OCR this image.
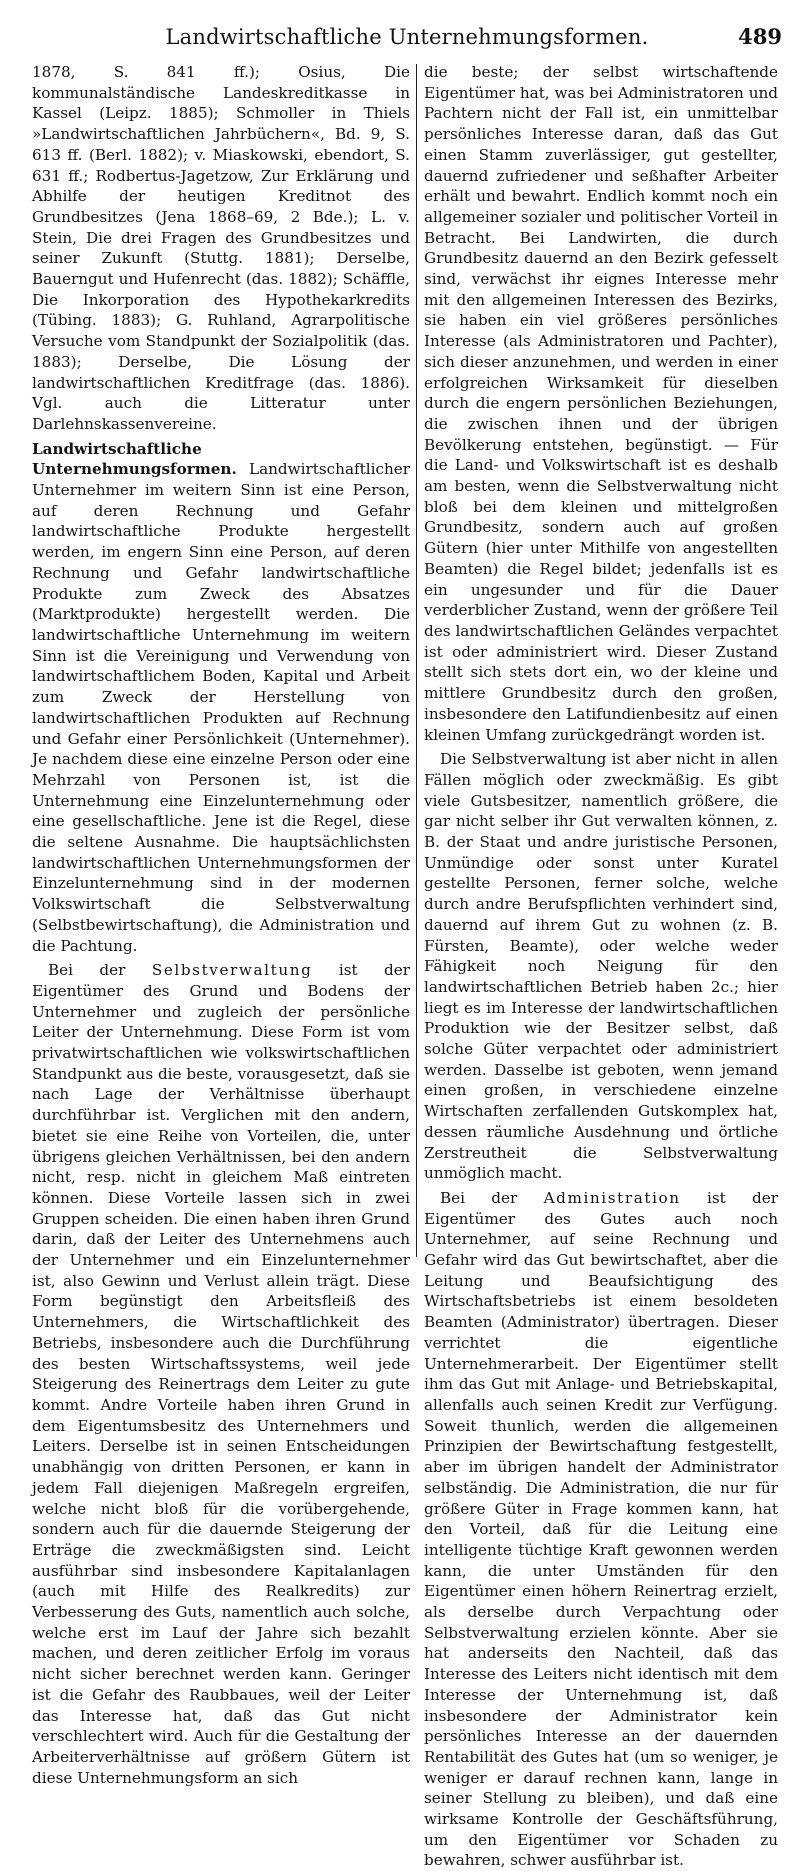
Landwirtschaftliche Unternehmungsformen.	489

1878, S. 841 ff.); Osius, Die kommunalständische Landeskreditkasse in Kassel (Leipz. 1885); Schmoller in Thiels »Landwirtschaftlichen Jahrbüchern«, Bd. 9, S. 613 ff. (Berl. 1882); v. Miaskowski, ebendort, S. 631 ff.; Rodbertus-Jagetzow, Zur Erklärung und Abhilfe der heutigen Kreditnot des Grundbesitzes (Jena 1868–69, 2 Bde.); L. v. Stein, Die drei Fragen des Grundbesitzes und seiner Zukunft (Stuttg. 1881); Derselbe, Bauerngut und Hufenrecht (das. 1882); Schäffle, Die Inkorporation des Hypothekarkredits (Tübing. 1883); G. Ruhland, Agrarpolitische Versuche vom Standpunkt der Sozialpolitik (das. 1883); Derselbe, Die Lösung der landwirtschaftlichen Kreditfrage (das. 1886). Vgl. auch die Litteratur unter Darlehnskassenvereine.

Landwirtschaftliche Unternehmungsformen. Landwirtschaftlicher Unternehmer im weitern Sinn ist eine Person, auf deren Rechnung und Gefahr landwirtschaftliche Produkte hergestellt werden, im engern Sinn eine Person, auf deren Rechnung und Gefahr landwirtschaftliche Produkte zum Zweck des Absatzes (Marktprodukte) hergestellt werden. Die landwirtschaftliche Unternehmung im weitern Sinn ist die Vereinigung und Verwendung von landwirtschaftlichem Boden, Kapital und Arbeit zum Zweck der Herstellung von landwirtschaftlichen Produkten auf Rechnung und Gefahr einer Persönlichkeit (Unternehmer). Je nachdem diese eine einzelne Person oder eine Mehrzahl von Personen ist, ist die Unternehmung eine Einzelunternehmung oder eine gesellschaftliche. Jene ist die Regel, diese die seltene Ausnahme. Die hauptsächlichsten landwirtschaftlichen Unternehmungsformen der Einzelunternehmung sind in der modernen Volkswirtschaft die Selbstverwaltung (Selbstbewirtschaftung), die Administration und die Pachtung.

Bei der Selbstverwaltung ist der Eigentümer des Grund und Bodens der Unternehmer und zugleich der persönliche Leiter der Unternehmung. Diese Form ist vom privatwirtschaftlichen wie volkswirtschaftlichen Standpunkt aus die beste, vorausgesetzt, daß sie nach Lage der Verhältnisse überhaupt durchführbar ist. Verglichen mit den andern, bietet sie eine Reihe von Vorteilen, die, unter übrigens gleichen Verhältnissen, bei den andern nicht, resp. nicht in gleichem Maß eintreten können. Diese Vorteile lassen sich in zwei Gruppen scheiden. Die einen haben ihren Grund darin, daß der Leiter des Unternehmens auch der Unternehmer und ein Einzelunternehmer ist, also Gewinn und Verlust allein trägt. Diese Form begünstigt den Arbeitsfleiß des Unternehmers, die Wirtschaftlichkeit des Betriebs, insbesondere auch die Durchführung des besten Wirtschaftssystems, weil jede Steigerung des Reinertrags dem Leiter zu gute kommt. Andre Vorteile haben ihren Grund in dem Eigentumsbesitz des Unternehmers und Leiters. Derselbe ist in seinen Entscheidungen unabhängig von dritten Personen, er kann in jedem Fall diejenigen Maßregeln ergreifen, welche nicht bloß für die vorübergehende, sondern auch für die dauernde Steigerung der Erträge die zweckmäßigsten sind. Leicht ausführbar sind insbesondere Kapitalanlagen (auch mit Hilfe des Realkredits) zur Verbesserung des Guts, namentlich auch solche, welche erst im Lauf der Jahre sich bezahlt machen, und deren zeitlicher Erfolg im voraus nicht sicher berechnet werden kann. Geringer ist die Gefahr des Raubbaues, weil der Leiter das Interesse hat, daß das Gut nicht verschlechtert wird. Auch für die Gestaltung der Arbeiterverhältnisse auf größern Gütern ist diese Unternehmungsform an sich

die beste; der selbst wirtschaftende Eigentümer hat, was bei Administratoren und Pachtern nicht der Fall ist, ein unmittelbar persönliches Interesse daran, daß das Gut einen Stamm zuverlässiger, gut gestellter, dauernd zufriedener und seßhafter Arbeiter erhält und bewahrt. Endlich kommt noch ein allgemeiner sozialer und politischer Vorteil in Betracht. Bei Landwirten, die durch Grundbesitz dauernd an den Bezirk gefesselt sind, verwächst ihr eignes Interesse mehr mit den allgemeinen Interessen des Bezirks, sie haben ein viel größeres persönliches Interesse (als Administratoren und Pachter), sich dieser anzunehmen, und werden in einer erfolgreichen Wirksamkeit für dieselben durch die engern persönlichen Beziehungen, die zwischen ihnen und der übrigen Bevölkerung entstehen, begünstigt. — Für die Land- und Volkswirtschaft ist es deshalb am besten, wenn die Selbstverwaltung nicht bloß bei dem kleinen und mittelgroßen Grundbesitz, sondern auch auf großen Gütern (hier unter Mithilfe von angestellten Beamten) die Regel bildet; jedenfalls ist es ein ungesunder und für die Dauer verderblicher Zustand, wenn der größere Teil des landwirtschaftlichen Geländes verpachtet ist oder administriert wird. Dieser Zustand stellt sich stets dort ein, wo der kleine und mittlere Grundbesitz durch den großen, insbesondere den Latifundienbesitz auf einen kleinen Umfang zurückgedrängt worden ist.

Die Selbstverwaltung ist aber nicht in allen Fällen möglich oder zweckmäßig. Es gibt viele Gutsbesitzer, namentlich größere, die gar nicht selber ihr Gut verwalten können, z. B. der Staat und andre juristische Personen, Unmündige oder sonst unter Kuratel gestellte Personen, ferner solche, welche durch andre Berufspflichten verhindert sind, dauernd auf ihrem Gut zu wohnen (z. B. Fürsten, Beamte), oder welche weder Fähigkeit noch Neigung für den landwirtschaftlichen Betrieb haben 2c.; hier liegt es im Interesse der landwirtschaftlichen Produktion wie der Besitzer selbst, daß solche Güter verpachtet oder administriert werden. Dasselbe ist geboten, wenn jemand einen großen, in verschiedene einzelne Wirtschaften zerfallenden Gutskomplex hat, dessen räumliche Ausdehnung und örtliche Zerstreutheit die Selbstverwaltung unmöglich macht.

Bei der Administration ist der Eigentümer des Gutes auch noch Unternehmer, auf seine Rechnung und Gefahr wird das Gut bewirtschaftet, aber die Leitung und Beaufsichtigung des Wirtschaftsbetriebs ist einem besoldeten Beamten (Administrator) übertragen. Dieser verrichtet die eigentliche Unternehmerarbeit. Der Eigentümer stellt ihm das Gut mit Anlage- und Betriebskapital, allenfalls auch seinen Kredit zur Verfügung. Soweit thunlich, werden die allgemeinen Prinzipien der Bewirtschaftung festgestellt, aber im übrigen handelt der Administrator selbständig. Die Administration, die nur für größere Güter in Frage kommen kann, hat den Vorteil, daß für die Leitung eine intelligente tüchtige Kraft gewonnen werden kann, die unter Umständen für den Eigentümer einen höhern Reinertrag erzielt, als derselbe durch Verpachtung oder Selbstverwaltung erzielen könnte. Aber sie hat anderseits den Nachteil, daß das Interesse des Leiters nicht identisch mit dem Interesse der Unternehmung ist, daß insbesondere der Administrator kein persönliches Interesse an der dauernden Rentabilität des Gutes hat (um so weniger, je weniger er darauf rechnen kann, lange in seiner Stellung zu bleiben), und daß eine wirksame Kontrolle der Geschäftsführung, um den Eigentümer vor Schaden zu bewahren, schwer ausführbar ist.
